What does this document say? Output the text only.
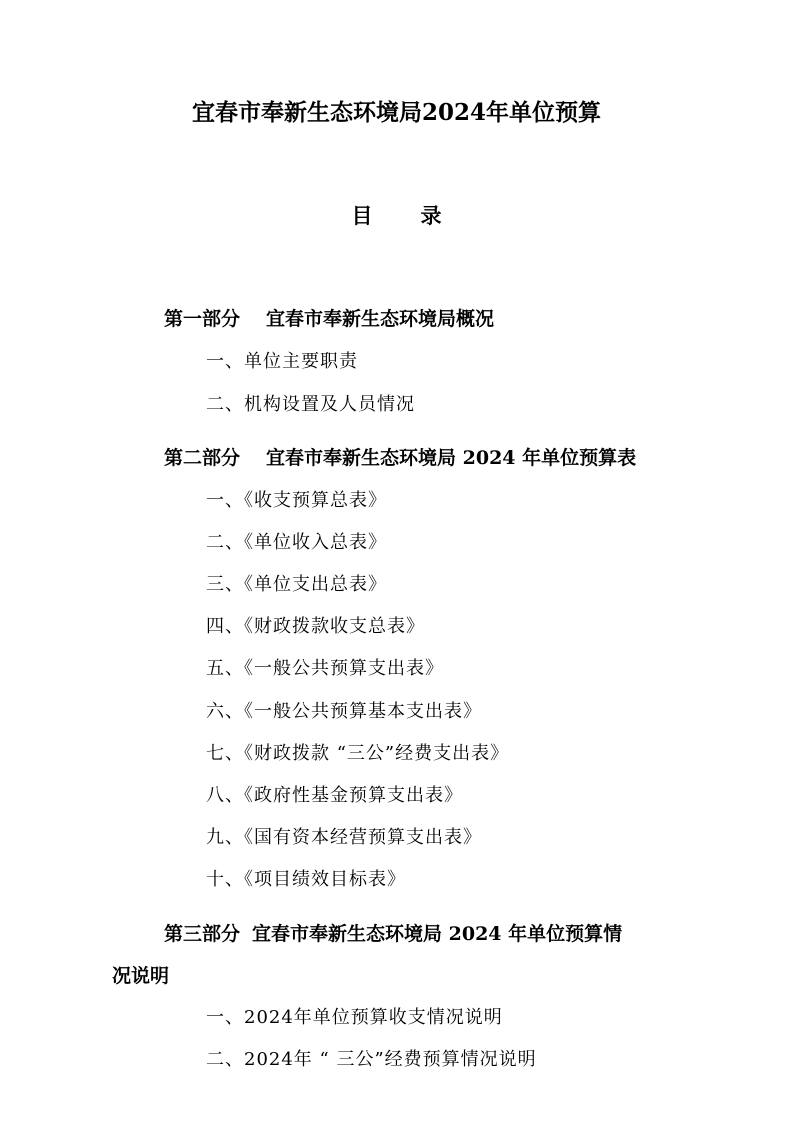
宜春市奉新生态环境局2024年单位预算
目 录
第一部分 宜春市奉新生态环境局概况
一、单位主要职责
二、机构设置及人员情况
第二部分 宜春市奉新生态环境局 2024 年单位预算表
一、《收支预算总表》
二、《单位收入总表》
三、《单位支出总表》
四、《财政拨款收支总表》
五、《一般公共预算支出表》
六、《一般公共预算基本支出表》
七、《财政拨款 “三公”经费支出表》
八、《政府性基金预算支出表》
九、《国有资本经营预算支出表》
十、《项目绩效目标表》
第三部分 宜春市奉新生态环境局 2024 年单位预算情
况说明
一、2024年单位预算收支情况说明
二、2024年 “ 三公”经费预算情况说明
